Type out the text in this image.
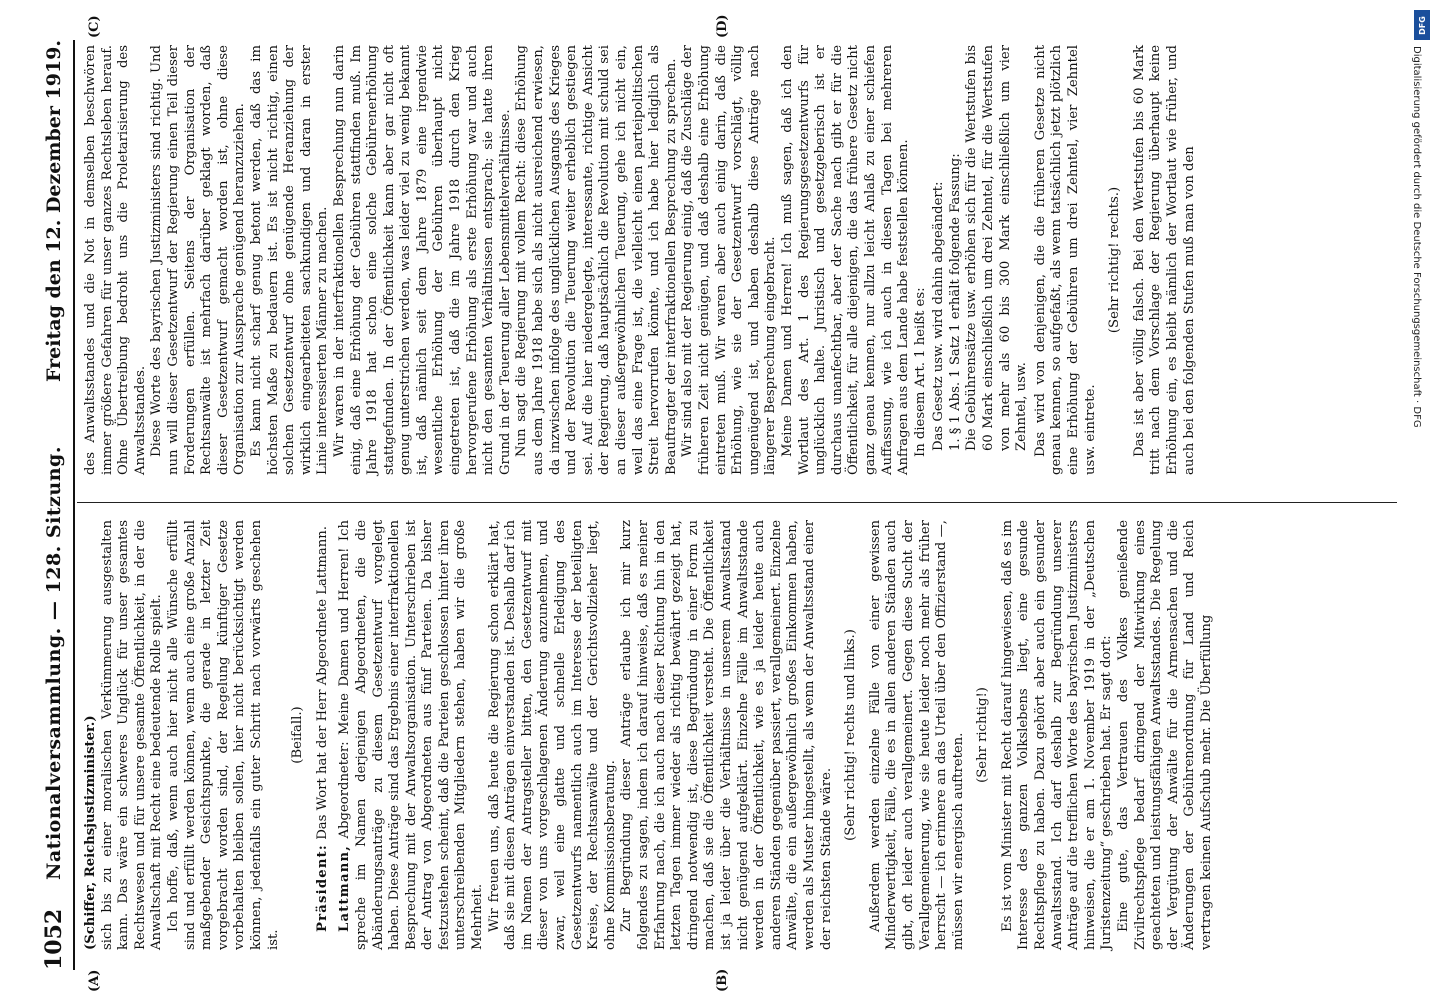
1052
Nationalversammlung. — 128. Sitzung.
Freitag den 12. Dezember 1919.
(A)	(B)
(C)	(D)

(Schiffer, Reichsjustizminister.) sich bis zu einer moralischen Verkümmerung ausgestalten kann. Das wäre ein schweres Unglück für unser gesamtes Rechtswesen und für unsere gesamte Öffentlichkeit, in der die Anwaltschaft mit Recht eine bedeutende Rolle spielt. Ich hoffe, daß, wenn auch hier nicht alle Wünsche erfüllt sind und erfüllt werden können, wenn auch eine große Anzahl maßgebender Gesichtspunkte, die gerade in letzter Zeit vorgebracht worden sind, der Regelung künftiger Gesetze vorbehalten bleiben sollen, hier nicht berücksichtigt werden können, jedenfalls ein guter Schritt nach vorwärts geschehen ist.

(Beifall.)

Präsident: Das Wort hat der Herr Abgeordnete Lattmann.

Lattmann, Abgeordneter: Meine Damen und Herren! Ich spreche im Namen derjenigen Abgeordneten, die die Abänderungsanträge zu diesem Gesetzentwurf vorgelegt haben. Diese Anträge sind das Ergebnis einer interfraktionellen Besprechung mit der Anwaltsorganisation. Unterschrieben ist der Antrag von Abgeordneten aus fünf Parteien. Da bisher festzustehen scheint, daß die Parteien geschlossen hinter ihren unterschreibenden Mitgliedern stehen, haben wir die große Mehrheit. Wir freuen uns, daß heute die Regierung schon erklärt hat, daß sie mit diesen Anträgen einverstanden ist. Deshalb darf ich im Namen der Antragsteller bitten, den Gesetzentwurf mit dieser von uns vorgeschlagenen Änderung anzunehmen, und zwar, weil eine glatte und schnelle Erledigung des Gesetzentwurfs namentlich auch im Interesse der beteiligten Kreise, der Rechtsanwälte und der Gerichtsvollzieher liegt, ohne Kommissionsberatung. Zur Begründung dieser Anträge erlaube ich mir kurz folgendes zu sagen, indem ich darauf hinweise, daß es meiner Erfahrung nach, die ich auch nach dieser Richtung hin in den letzten Tagen immer wieder als richtig bewährt gezeigt hat, dringend notwendig ist, diese Begründung in einer Form zu machen, daß sie die Öffentlichkeit versteht. Die Öffentlichkeit ist ja leider über die Verhältnisse in unserem Anwaltsstand nicht genügend aufgeklärt. Einzelne Fälle im Anwaltsstande werden in der Öffentlichkeit, wie es ja leider heute auch anderen Ständen gegenüber passiert, verallgemeinert. Einzelne Anwälte, die ein außergewöhnlich großes Einkommen haben, werden als Muster hingestellt, als wenn der Anwaltsstand einer der reichsten Stände wäre.

(Sehr richtig! rechts und links.) Außerdem werden einzelne Fälle von einer gewissen Minderwertigkeit, Fälle, die es in allen anderen Ständen auch gibt, oft leider auch verallgemeinert. Gegen diese Sucht der Verallgemeinerung, wie sie heute leider noch mehr als früher herrscht — ich erinnere an das Urteil über den Offizierstand —, müssen wir energisch auftreten. (Sehr richtig!) Es ist vom Minister mit Recht darauf hingewiesen, daß es im Interesse des ganzen Volkslebens liegt, eine gesunde Rechtspflege zu haben. Dazu gehört aber auch ein gesunder Anwaltsstand. Ich darf deshalb zur Begründung unserer Anträge auf die trefflichen Worte des bayrischen Justizministers hinweisen, die er am 1. November 1919 in der „Deutschen Juristenzeitung“ geschrieben hat. Er sagt dort: Eine gute, das Vertrauen des Volkes genießende Zivilrechtspflege bedarf dringend der Mitwirkung eines geachteten und leistungsfähigen Anwaltsstandes. Die Regelung der Vergütung der Anwälte für die Armensachen und die Änderungen der Gebührenordnung für Land und Reich vertragen keinen Aufschub mehr. Die Überfüllung

des Anwaltsstandes und die Not in demselben beschwören immer größere Gefahren für unser ganzes Rechtsleben herauf. Ohne Übertreibung bedroht uns die Proletarisierung des Anwaltsstandes. Diese Worte des bayrischen Justizministers sind richtig. Und nun will dieser Gesetzentwurf der Regierung einen Teil dieser Forderungen erfüllen. Seitens der Organisation der Rechtsanwälte ist mehrfach darüber geklagt worden, daß dieser Gesetzentwurf gemacht worden ist, ohne diese Organisation zur Aussprache genügend heranzuziehen. Es kann nicht scharf genug betont werden, daß das im höchsten Maße zu bedauern ist. Es ist nicht richtig, einen solchen Gesetzentwurf ohne genügende Heranziehung der wirklich eingearbeiteten sachkundigen und daran in erster Linie interessierten Männer zu machen. Wir waren in der interfraktionellen Besprechung nun darin einig, daß eine Erhöhung der Gebühren stattfinden muß. Im Jahre 1918 hat schon eine solche Gebührenerhöhung stattgefunden. In der Öffentlichkeit kann aber gar nicht oft genug unterstrichen werden, was leider viel zu wenig bekannt ist, daß nämlich seit dem Jahre 1879 eine irgendwie wesentliche Erhöhung der Gebühren überhaupt nicht eingetreten ist, daß die im Jahre 1918 durch den Krieg hervorgerufene Erhöhung als erste Erhöhung war und auch nicht den gesamten Verhältnissen entsprach; sie hatte ihren Grund in der Teuerung aller Lebensmittelverhältnisse. Nun sagt die Regierung mit vollem Recht: diese Erhöhung aus dem Jahre 1918 habe sich als nicht ausreichend erwiesen, da inzwischen infolge des unglücklichen Ausgangs des Krieges und der Revolution die Teuerung weiter erheblich gestiegen sei. Auf die hier niedergelegte, interessante, richtige Ansicht der Regierung, daß hauptsächlich die Revolution mit schuld sei an dieser außergewöhnlichen Teuerung, gehe ich nicht ein, weil das eine Frage ist, die vielleicht einen parteipolitischen Streit hervorrufen könnte, und ich habe hier lediglich als Beauftragter der interfraktionellen Besprechung zu sprechen. Wir sind also mit der Regierung einig, daß die Zuschläge der früheren Zeit nicht genügen, und daß deshalb eine Erhöhung eintreten muß. Wir waren aber auch einig darin, daß die Erhöhung, wie sie der Gesetzentwurf vorschlägt, völlig ungenügend ist, und haben deshalb diese Anträge nach längerer Besprechung eingebracht. Meine Damen und Herren! Ich muß sagen, daß ich den Wortlaut des Art. 1 des Regierungsgesetzentwurfs für unglücklich halte. Juristisch und gesetzgeberisch ist er durchaus unanfechtbar, aber der Sache nach gibt er für die Öffentlichkeit, für alle diejenigen, die das frühere Gesetz nicht ganz genau kennen, nur allzu leicht Anlaß zu einer schiefen Auffassung, wie ich auch in diesen Tagen bei mehreren Anfragen aus dem Lande habe feststellen können. In diesem Art. 1 heißt es: Das Gesetz usw. wird dahin abgeändert: 1. § 1 Abs. 1 Satz 1 erhält folgende Fassung: Die Gebührensätze usw. erhöhen sich für die Wertstufen bis 60 Mark einschließlich um drei Zehntel, für die Wertstufen von mehr als 60 bis 300 Mark einschließlich um vier Zehntel, usw. Das wird von denjenigen, die die früheren Gesetze nicht genau kennen, so aufgefaßt, als wenn tatsächlich jetzt plötzlich eine Erhöhung der Gebühren um drei Zehntel, vier Zehntel usw. eintrete.

(Sehr richtig! rechts.) Das ist aber völlig falsch. Bei den Wertstufen bis 60 Mark tritt nach dem Vorschlage der Regierung überhaupt keine Erhöhung ein, es bleibt nämlich der Wortlaut wie früher, und auch bei den folgenden Stufen muß man von den

DFG
Digitalisierung gefördert durch die Deutsche Forschungsgemeinschaft · DFG
